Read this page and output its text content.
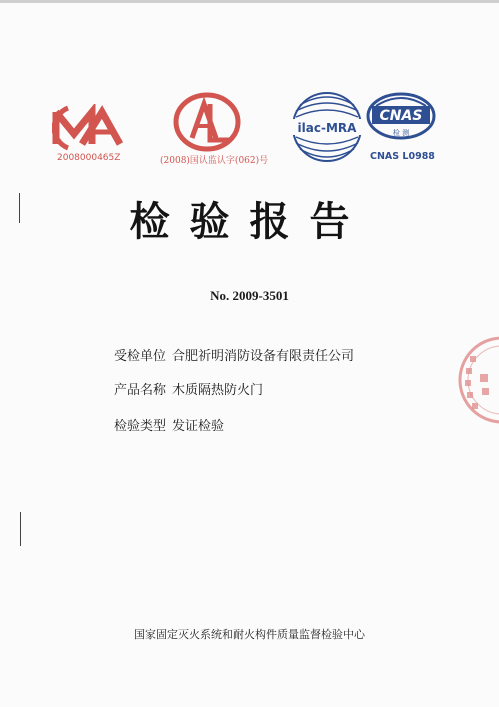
2008000465Z	(2008)国认监认字(062)号
ilac-MRA
CNAS
检 测
CNAS L0988
检验报告
No. 2009-3501
受检单位 合肥祈明消防设备有限责任公司
产品名称 木质隔热防火门
检验类型 发证检验
国家固定灭火系统和耐火构件质量监督检验中心
